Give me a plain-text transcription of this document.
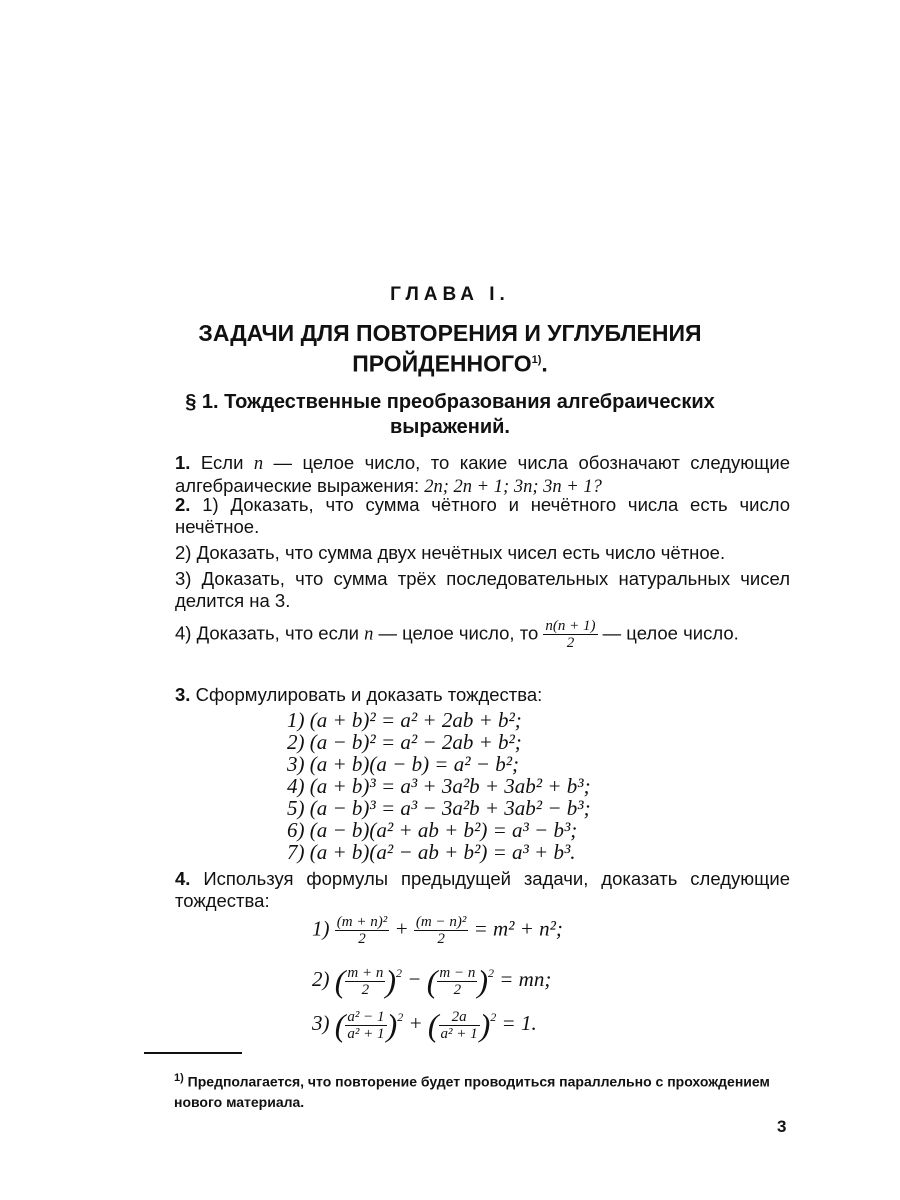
ГЛАВА I.
ЗАДАЧИ ДЛЯ ПОВТОРЕНИЯ И УГЛУБЛЕНИЯ
ПРОЙДЕННОГО$^{1)}$.
§ 1. Тождественные преобразования алгебраических
выражений.
1. Если n — целое число, то какие числа обозначают следующие алгебраические выражения: 2n; 2n + 1; 3n; 3n + 1?
2. 1) Доказать, что сумма чётного и нечётного числа есть число нечётное.
2) Доказать, что сумма двух нечётных чисел есть число чётное.
3) Доказать, что сумма трёх последовательных натуральных чисел делится на 3.
4) Доказать, что если n — целое число, то $\frac{n(n + 1)}{2}$ — целое число.
3. Сформулировать и доказать тождества:
1) (a + b)² = a² + 2ab + b²;
2) (a − b)² = a² − 2ab + b²;
3) (a + b)(a − b) = a² − b²;
4) (a + b)³ = a³ + 3a²b + 3ab² + b³;
5) (a − b)³ = a³ − 3a²b + 3ab² − b³;
6) (a − b)(a² + ab + b²) = a³ − b³;
7) (a + b)(a² − ab + b²) = a³ + b³.
4. Используя формулы предыдущей задачи, доказать следующие тождества:
$1) \frac{\text{(m + n)²}}{2} + \frac{\text{(m − n)²}}{2} = m^2 + n^2$;
2) ( $\frac{m + n}{2} )^2$ − ( $\frac{m - n}{2} )^2$ = mn;
3) ( $\frac{\text{a² − 1}}{\text{a² + 1}} )^2$ + ( $\frac{2a}{\text{a² + 1}} )^2 = 1$.
$^{1)}$ Предполагается, что повторение будет проводиться параллельно с прохождением нового материала.
3
